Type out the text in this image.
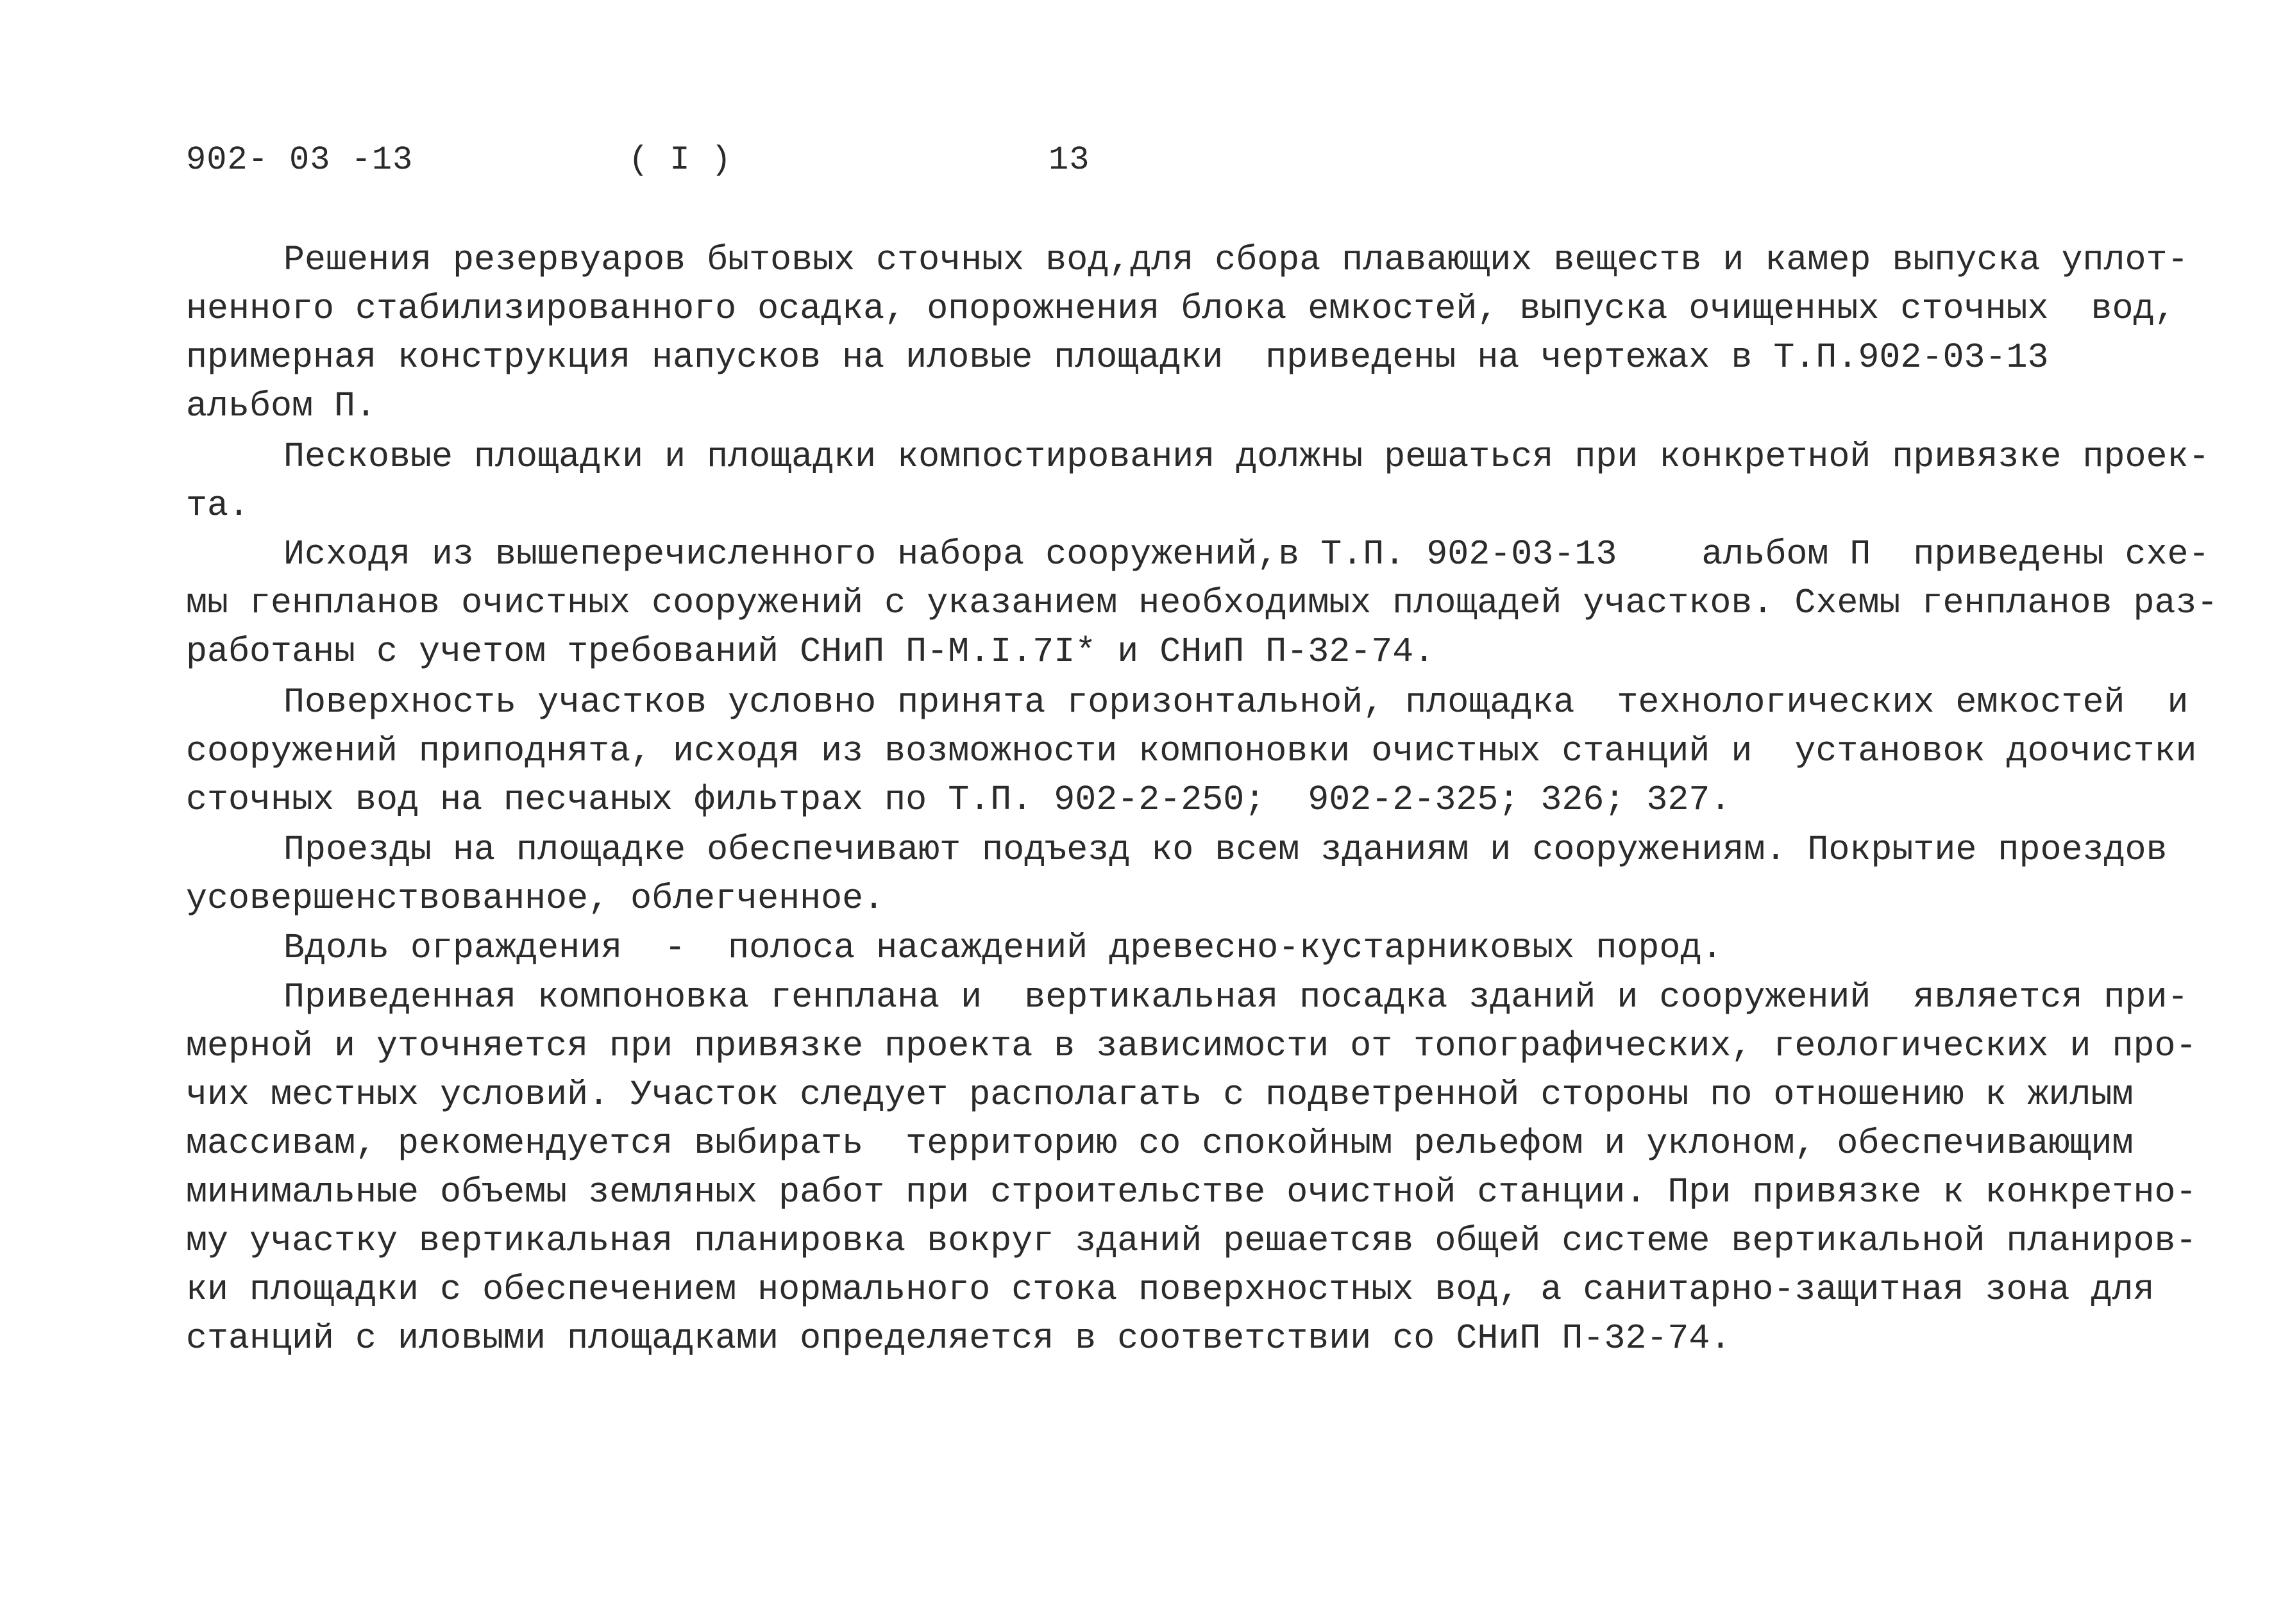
902- 03 -13	( I )	13
Решения резервуаров бытовых сточных вод,для сбора плавающих веществ и камер выпуска уплот-
ненного стабилизированного осадка, опорожнения блока емкостей, выпуска очищенных сточных  вод,
примерная конструкция напусков на иловые площадки  приведены на чертежах в Т.П.902-03-13
альбом П.
Песковые площадки и площадки компостирования должны решаться при конкретной привязке проек-
та.
Исходя из вышеперечисленного набора сооружений,в Т.П. 902-03-13    альбом П  приведены схе-
мы генпланов очистных сооружений с указанием необходимых площадей участков. Схемы генпланов раз-
работаны с учетом требований СНиП П-М.I.7I* и СНиП П-32-74.
Поверхность участков условно принята горизонтальной, площадка  технологических емкостей  и
сооружений приподнята, исходя из возможности компоновки очистных станций и  установок доочистки
сточных вод на песчаных фильтрах по Т.П. 902-2-250;  902-2-325; 326; 327.
Проезды на площадке обеспечивают подъезд ко всем зданиям и сооружениям. Покрытие проездов
усовершенствованное, облегченное.
Вдоль ограждения  -  полоса насаждений древесно-кустарниковых пород.
Приведенная компоновка генплана и  вертикальная посадка зданий и сооружений  является при-
мерной и уточняется при привязке проекта в зависимости от топографических, геологических и про-
чих местных условий. Участок следует располагать с подветренной стороны по отношению к жилым
массивам, рекомендуется выбирать  территорию со спокойным рельефом и уклоном, обеспечивающим
минимальные объемы земляных работ при строительстве очистной станции. При привязке к конкретно-
му участку вертикальная планировка вокруг зданий решаетсяв общей системе вертикальной планиров-
ки площадки с обеспечением нормального стока поверхностных вод, а санитарно-защитная зона для
станций с иловыми площадками определяется в соответствии со СНиП П-32-74.
